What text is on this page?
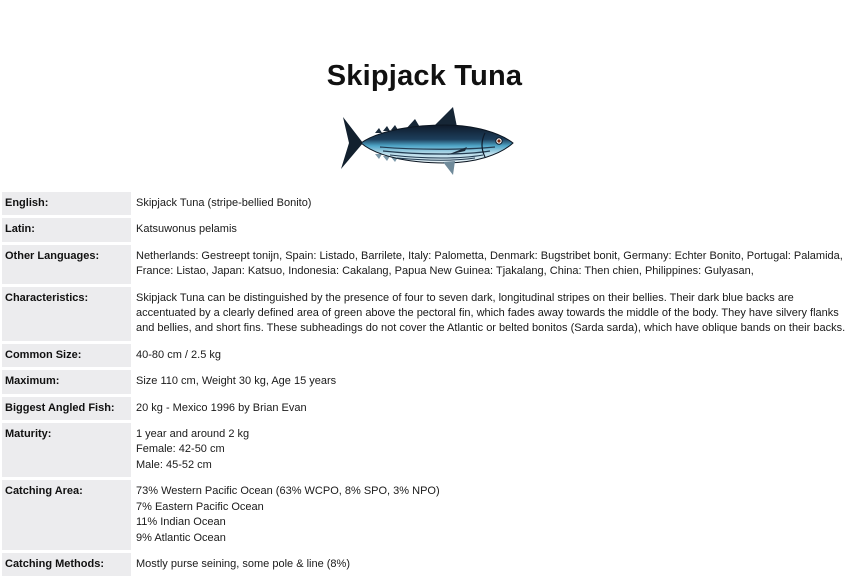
Skipjack Tuna
English:	Skipjack Tuna (stripe-bellied Bonito)

Latin:	Katsuwonus pelamis

Other Languages:	Netherlands: Gestreept tonijn, Spain: Listado, Barrilete, Italy: Palometta, Denmark: Bugstribet bonit, Germany: Echter Bonito, Portugal: Palamida, France: Listao, Japan: Katsuo, Indonesia: Cakalang, Papua New Guinea: Tjakalang, China: Then chien, Philippines: Gulyasan,

Characteristics:	Skipjack Tuna can be distinguished by the presence of four to seven dark, longitudinal stripes on their bellies. Their dark blue backs are accentuated by a clearly defined area of green above the pectoral fin, which fades away towards the middle of the body. They have silvery flanks and bellies, and short fins. These subheadings do not cover the Atlantic or belted bonitos (Sarda sarda), which have oblique bands on their backs.

Common Size:	40-80 cm / 2.5 kg

Maximum:	Size 110 cm, Weight 30 kg, Age 15 years

Biggest Angled Fish:	20 kg - Mexico 1996 by Brian Evan

Maturity:	1 year and around 2 kg
Female: 42-50 cm
Male: 45-52 cm

Catching Area:	73% Western Pacific Ocean (63% WCPO, 8% SPO, 3% NPO)
7% Eastern Pacific Ocean
11% Indian Ocean
9% Atlantic Ocean

Catching Methods:	Mostly purse seining, some pole & line (8%)
